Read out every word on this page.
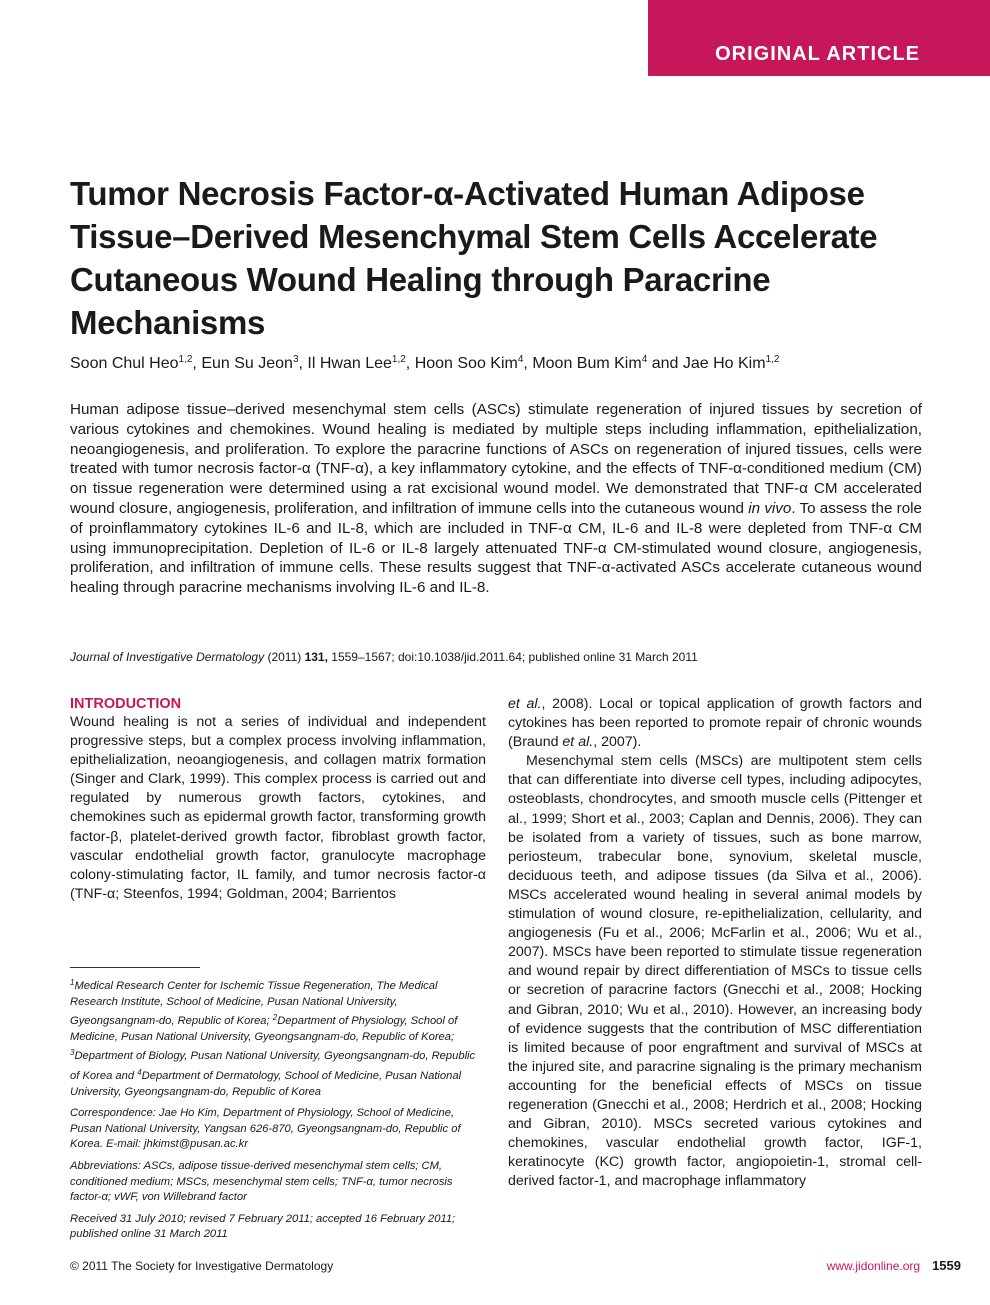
ORIGINAL ARTICLE
Tumor Necrosis Factor-α-Activated Human Adipose Tissue–Derived Mesenchymal Stem Cells Accelerate Cutaneous Wound Healing through Paracrine Mechanisms
Soon Chul Heo$^{1,2}$, Eun Su Jeon$^3$, Il Hwan Lee$^{1,2}$, Hoon Soo Kim$^4$, Moon Bum Kim$^4$ and Jae Ho Kim$^{1,2}$
Human adipose tissue–derived mesenchymal stem cells (ASCs) stimulate regeneration of injured tissues by secretion of various cytokines and chemokines. Wound healing is mediated by multiple steps including inflammation, epithelialization, neoangiogenesis, and proliferation. To explore the paracrine functions of ASCs on regeneration of injured tissues, cells were treated with tumor necrosis factor-α (TNF-α), a key inflammatory cytokine, and the effects of TNF-α-conditioned medium (CM) on tissue regeneration were determined using a rat excisional wound model. We demonstrated that TNF-α CM accelerated wound closure, angiogenesis, proliferation, and infiltration of immune cells into the cutaneous wound in vivo. To assess the role of proinflammatory cytokines IL-6 and IL-8, which are included in TNF-α CM, IL-6 and IL-8 were depleted from TNF-α CM using immunoprecipitation. Depletion of IL-6 or IL-8 largely attenuated TNF-α CM-stimulated wound closure, angiogenesis, proliferation, and infiltration of immune cells. These results suggest that TNF-α-activated ASCs accelerate cutaneous wound healing through paracrine mechanisms involving IL-6 and IL-8.
Journal of Investigative Dermatology (2011) 131, 1559–1567; doi:10.1038/jid.2011.64; published online 31 March 2011
INTRODUCTION

Wound healing is not a series of individual and independent progressive steps, but a complex process involving inflammation, epithelialization, neoangiogenesis, and collagen matrix formation (Singer and Clark, 1999). This complex process is carried out and regulated by numerous growth factors, cytokines, and chemokines such as epidermal growth factor, transforming growth factor-β, platelet-derived growth factor, fibroblast growth factor, vascular endothelial growth factor, granulocyte macrophage colony-stimulating factor, IL family, and tumor necrosis factor-α (TNF-α; Steenfos, 1994; Goldman, 2004; Barrientos

et al., 2008). Local or topical application of growth factors and cytokines has been reported to promote repair of chronic wounds (Braund et al., 2007).

Mesenchymal stem cells (MSCs) are multipotent stem cells that can differentiate into diverse cell types, including adipocytes, osteoblasts, chondrocytes, and smooth muscle cells (Pittenger et al., 1999; Short et al., 2003; Caplan and Dennis, 2006). They can be isolated from a variety of tissues, such as bone marrow, periosteum, trabecular bone, synovium, skeletal muscle, deciduous teeth, and adipose tissues (da Silva et al., 2006). MSCs accelerated wound healing in several animal models by stimulation of wound closure, re-epithelialization, cellularity, and angiogenesis (Fu et al., 2006; McFarlin et al., 2006; Wu et al., 2007). MSCs have been reported to stimulate tissue regeneration and wound repair by direct differentiation of MSCs to tissue cells or secretion of paracrine factors (Gnecchi et al., 2008; Hocking and Gibran, 2010; Wu et al., 2010). However, an increasing body of evidence suggests that the contribution of MSC differentiation is limited because of poor engraftment and survival of MSCs at the injured site, and paracrine signaling is the primary mechanism accounting for the beneficial effects of MSCs on tissue regeneration (Gnecchi et al., 2008; Herdrich et al., 2008; Hocking and Gibran, 2010). MSCs secreted various cytokines and chemokines, vascular endothelial growth factor, IGF-1, keratinocyte (KC) growth factor, angiopoietin-1, stromal cell-derived factor-1, and macrophage inflammatory

$^1$Medical Research Center for Ischemic Tissue Regeneration, The Medical Research Institute, School of Medicine, Pusan National University, Gyeongsangnam-do, Republic of Korea; $^2$Department of Physiology, School of Medicine, Pusan National University, Gyeongsangnam-do, Republic of Korea; $^3$Department of Biology, Pusan National University, Gyeongsangnam-do, Republic of Korea and $^4$Department of Dermatology, School of Medicine, Pusan National University, Gyeongsangnam-do, Republic of Korea

Correspondence: Jae Ho Kim, Department of Physiology, School of Medicine, Pusan National University, Yangsan 626-870, Gyeongsangnam-do, Republic of Korea. E-mail: jhkimst@pusan.ac.kr

Abbreviations: ASCs, adipose tissue-derived mesenchymal stem cells; CM, conditioned medium; MSCs, mesenchymal stem cells; TNF-α, tumor necrosis factor-α; vWF, von Willebrand factor

Received 31 July 2010; revised 7 February 2011; accepted 16 February 2011; published online 31 March 2011

© 2011 The Society for Investigative Dermatology	www.jidonline.org 1559
